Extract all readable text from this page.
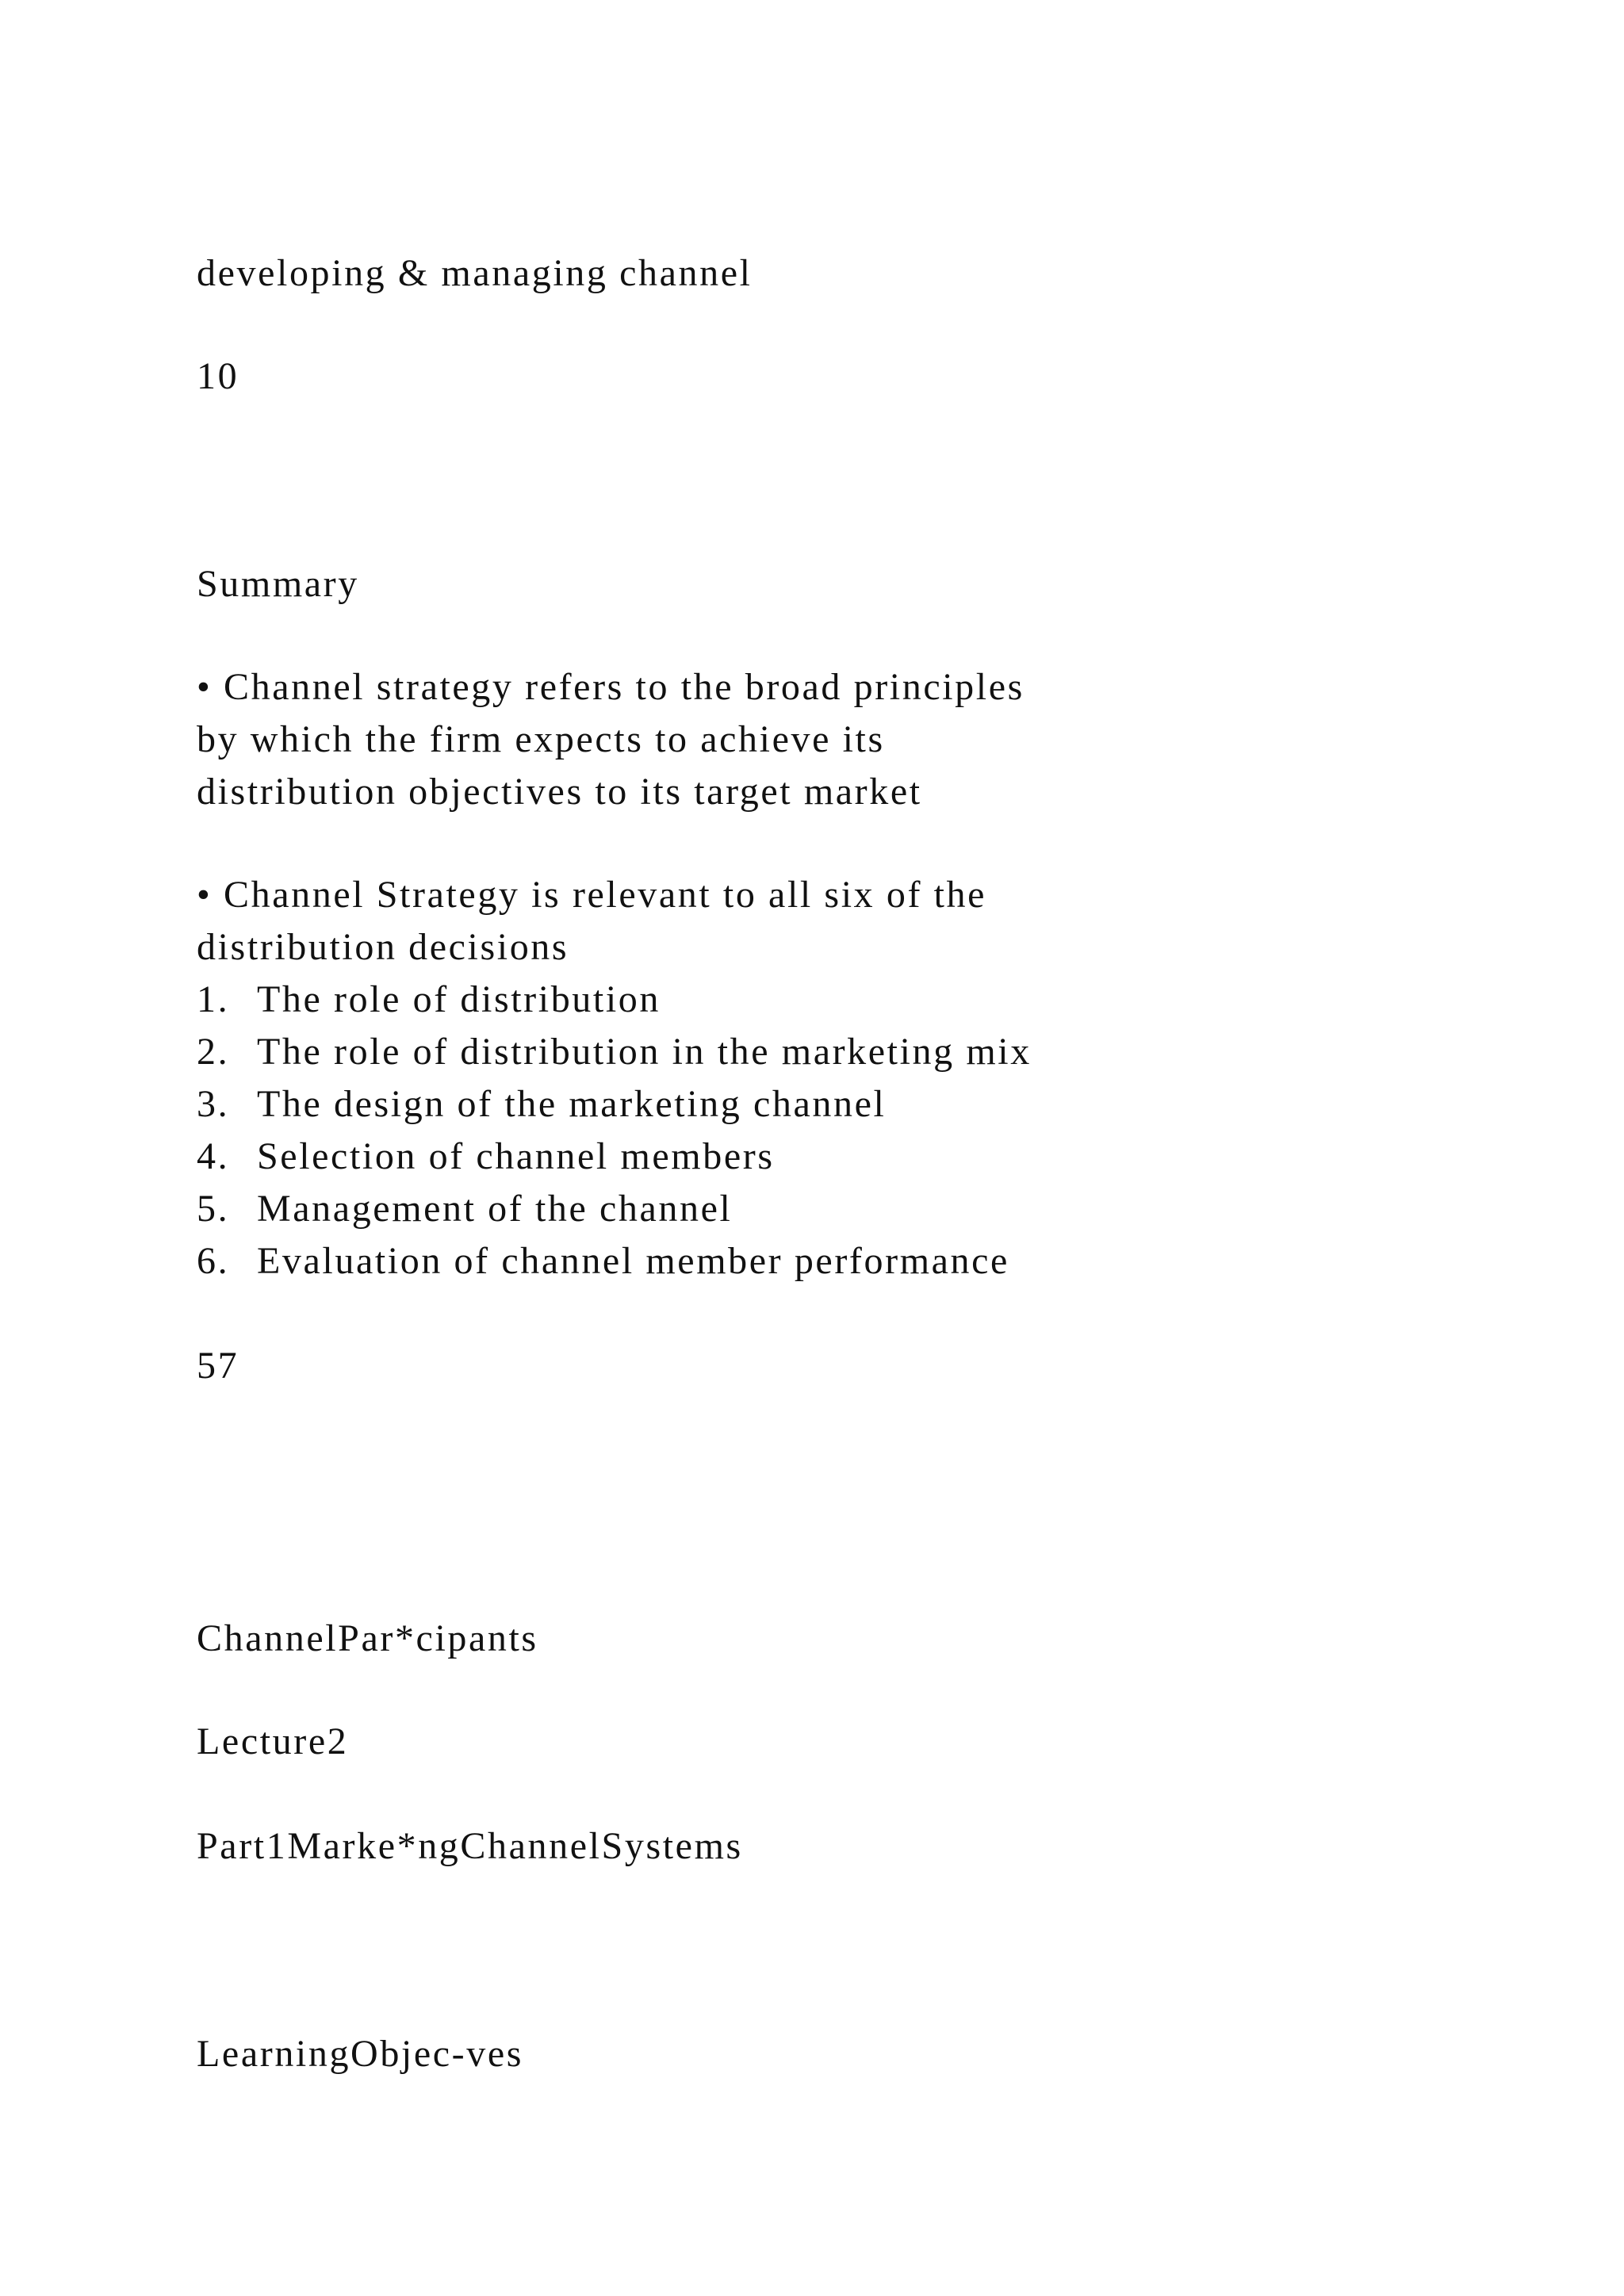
developing & managing channel

10

Summary

• Channel strategy refers to the broad principles

by which the firm expects to achieve its

distribution objectives to its target market

• Channel Strategy is relevant to all six of the

distribution decisions

1. The role of distribution

2. The role of distribution in the marketing mix

3. The design of the marketing channel

4. Selection of channel members

5. Management of the channel

6. Evaluation of channel member performance

57

ChannelPar*cipants

Lecture2

Part1Marke*ngChannelSystems

LearningObjec-ves
